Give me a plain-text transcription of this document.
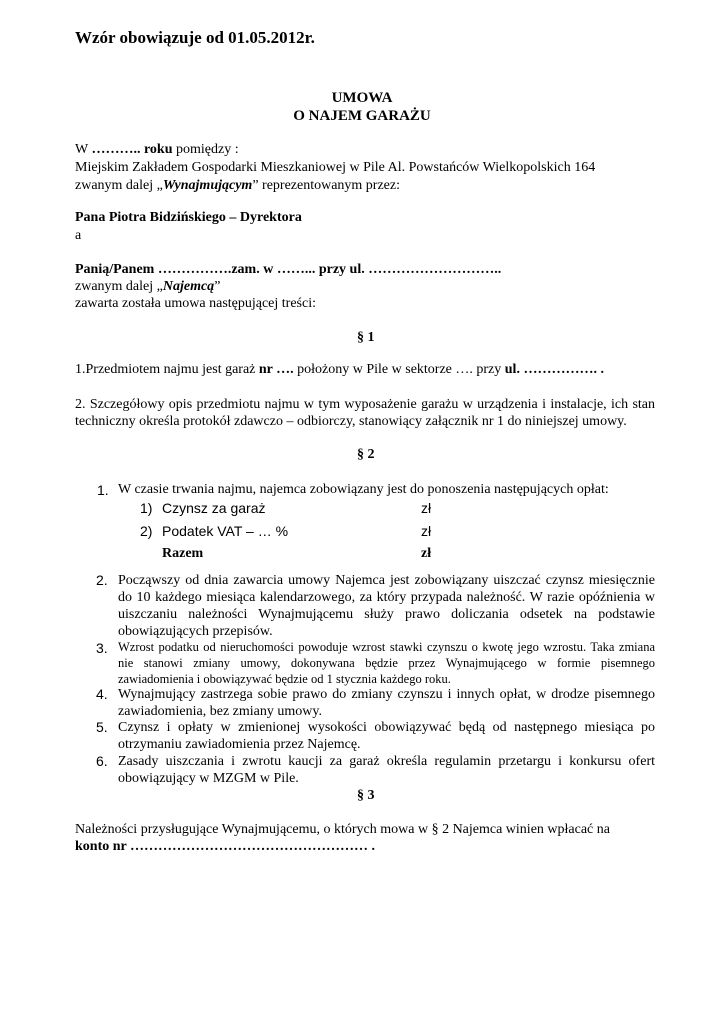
Wzór obowiązuje od 01.05.2012r.
UMOWA
O NAJEM GARAŻU
W ……….. roku pomiędzy :
Miejskim Zakładem Gospodarki Mieszkaniowej w Pile Al. Powstańców Wielkopolskich 164
zwanym dalej „Wynajmującym” reprezentowanym przez:
Pana Piotra Bidzińskiego – Dyrektora
a
Panią/Panem …………….zam. w ……... przy ul. ………………………..
zwanym dalej „Najemcą”
zawarta została umowa następującej treści:
§ 1
1.Przedmiotem najmu jest garaż nr …. położony w Pile w sektorze …. przy ul. ……………. .
2. Szczegółowy opis przedmiotu najmu w tym wyposażenie garażu w urządzenia i instalacje, ich stan techniczny określa protokół zdawczo – odbiorczy, stanowiący załącznik nr 1 do niniejszej umowy.
§ 2
1. W czasie trwania najmu, najemca zobowiązany jest do ponoszenia następujących opłat:
1) Czynsz za garaż	zł
2) Podatek VAT – … %	zł
Razem	zł
2. Począwszy od dnia zawarcia umowy Najemca jest zobowiązany uiszczać czynsz miesięcznie do 10 każdego miesiąca kalendarzowego, za który przypada należność. W razie opóźnienia w uiszczaniu należności Wynajmującemu służy prawo doliczania odsetek na podstawie obowiązujących przepisów.
3. Wzrost podatku od nieruchomości powoduje wzrost stawki czynszu o kwotę jego wzrostu. Taka zmiana nie stanowi zmiany umowy, dokonywana będzie przez Wynajmującego w formie pisemnego zawiadomienia i obowiązywać będzie od 1 stycznia każdego roku.
4. Wynajmujący zastrzega sobie prawo do zmiany czynszu i innych opłat, w drodze pisemnego zawiadomienia, bez zmiany umowy.
5. Czynsz i opłaty w zmienionej wysokości obowiązywać będą od następnego miesiąca po otrzymaniu zawiadomienia przez Najemcę.
6. Zasady uiszczania i zwrotu kaucji za garaż określa regulamin przetargu i konkursu ofert obowiązujący w MZGM w Pile.
§ 3
Należności przysługujące Wynajmującemu, o których mowa w § 2 Najemca winien wpłacać na
konto nr …………………………………………… .
